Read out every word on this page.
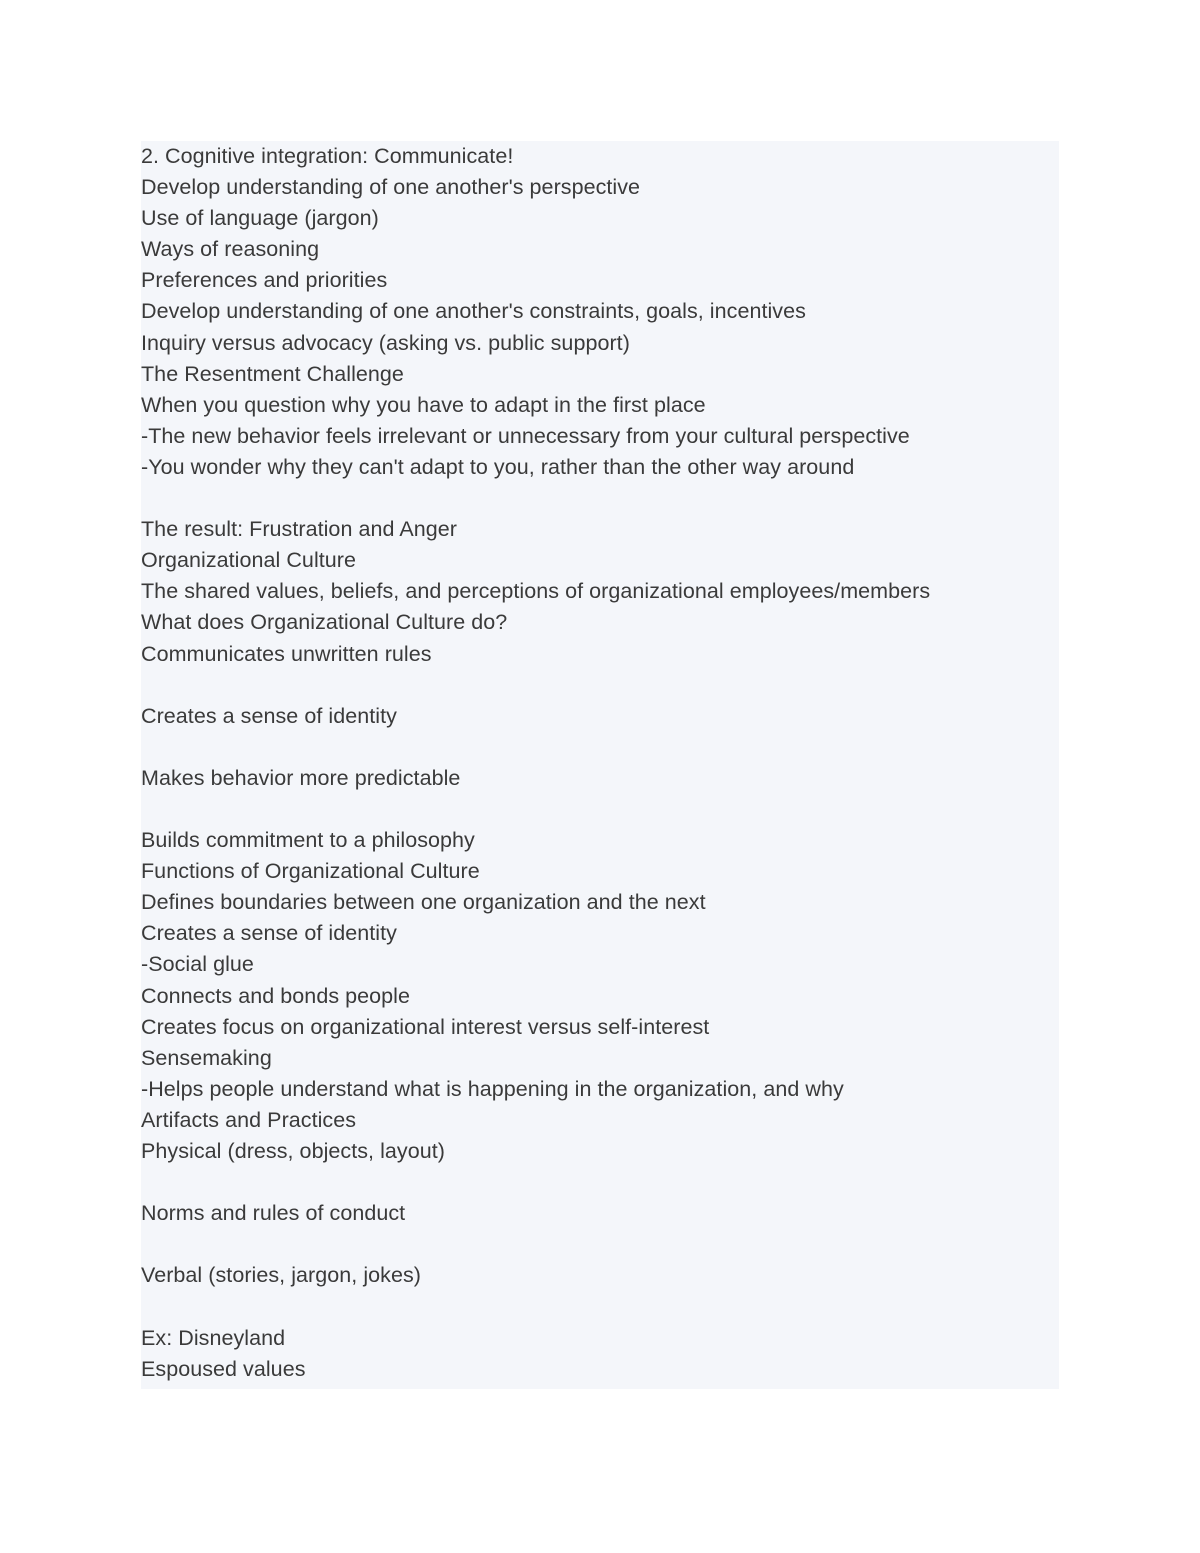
2. Cognitive integration: Communicate!
Develop understanding of one another's perspective
Use of language (jargon)
Ways of reasoning
Preferences and priorities
Develop understanding of one another's constraints, goals, incentives
Inquiry versus advocacy (asking vs. public support)
The Resentment Challenge
When you question why you have to adapt in the first place
-The new behavior feels irrelevant or unnecessary from your cultural perspective
-You wonder why they can't adapt to you, rather than the other way around
The result: Frustration and Anger
Organizational Culture
The shared values, beliefs, and perceptions of organizational employees/members
What does Organizational Culture do?
Communicates unwritten rules
Creates a sense of identity
Makes behavior more predictable
Builds commitment to a philosophy
Functions of Organizational Culture
Defines boundaries between one organization and the next
Creates a sense of identity
-Social glue
Connects and bonds people
Creates focus on organizational interest versus self-interest
Sensemaking
-Helps people understand what is happening in the organization, and why
Artifacts and Practices
Physical (dress, objects, layout)
Norms and rules of conduct
Verbal (stories, jargon, jokes)
Ex: Disneyland
Espoused values
